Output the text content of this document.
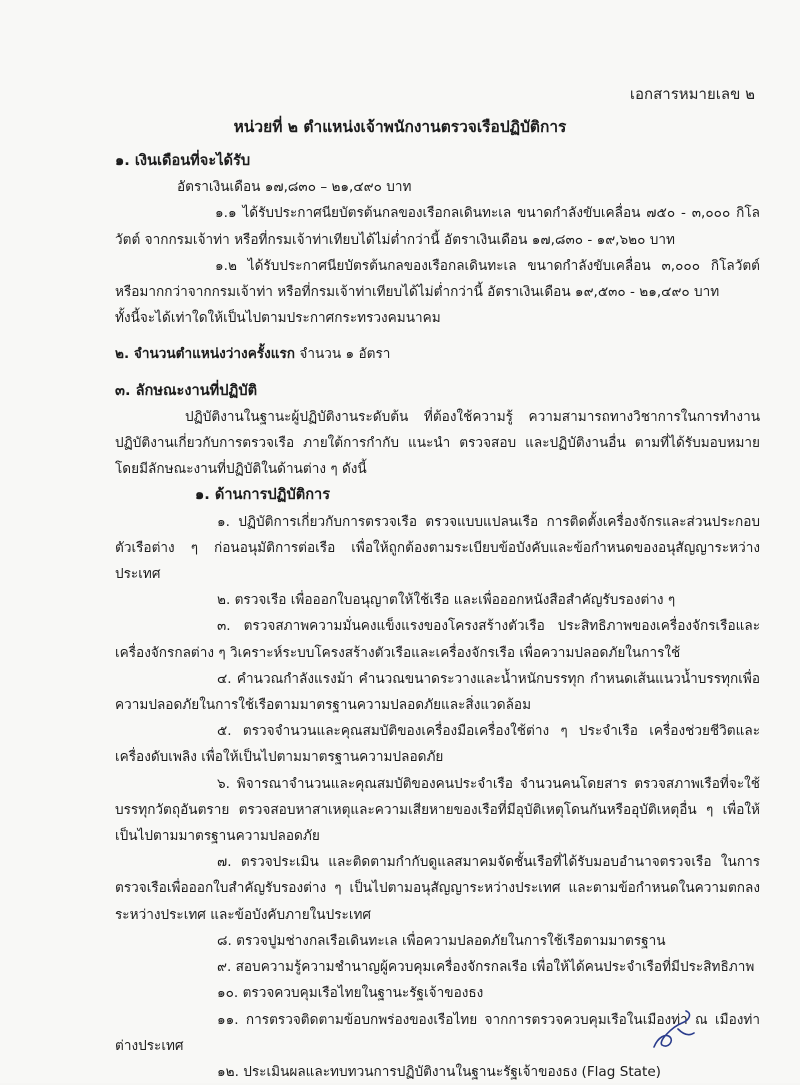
เอกสารหมายเลข ๒
หน่วยที่ ๒ ตำแหน่งเจ้าพนักงานตรวจเรือปฏิบัติการ

๑. เงินเดือนที่จะได้รับ

อัตราเงินเดือน ๑๗,๘๓๐ – ๒๑,๔๙๐ บาท

๑.๑ ได้รับประกาศนียบัตรต้นกลของเรือกลเดินทะเล ขนาดกำลังขับเคลื่อน ๗๕๐ - ๓,๐๐๐ กิโลวัตต์ จากกรมเจ้าท่า หรือที่กรมเจ้าท่าเทียบได้ไม่ต่ำกว่านี้ อัตราเงินเดือน ๑๗,๘๓๐ - ๑๙,๖๒๐ บาท

๑.๒ ได้รับประกาศนียบัตรต้นกลของเรือกลเดินทะเล ขนาดกำลังขับเคลื่อน ๓,๐๐๐ กิโลวัตต์ หรือมากกว่าจากกรมเจ้าท่า หรือที่กรมเจ้าท่าเทียบได้ไม่ต่ำกว่านี้ อัตราเงินเดือน ๑๙,๕๓๐ - ๒๑,๔๙๐ บาท

ทั้งนี้จะได้เท่าใดให้เป็นไปตามประกาศกระทรวงคมนาคม

๒. จำนวนตำแหน่งว่างครั้งแรก จำนวน ๑ อัตรา

๓. ลักษณะงานที่ปฏิบัติ

ปฏิบัติงานในฐานะผู้ปฏิบัติงานระดับต้น ที่ต้องใช้ความรู้ ความสามารถทางวิชาการในการทำงาน ปฏิบัติงานเกี่ยวกับการตรวจเรือ ภายใต้การกำกับ แนะนำ ตรวจสอบ และปฏิบัติงานอื่น ตามที่ได้รับมอบหมาย โดยมีลักษณะงานที่ปฏิบัติในด้านต่าง ๆ ดังนี้

๑. ด้านการปฏิบัติการ

๑. ปฏิบัติการเกี่ยวกับการตรวจเรือ ตรวจแบบแปลนเรือ การติดตั้งเครื่องจักรและส่วนประกอบตัวเรือต่าง ๆ ก่อนอนุมัติการต่อเรือ เพื่อให้ถูกต้องตามระเบียบข้อบังคับและข้อกำหนดของอนุสัญญาระหว่างประเทศ

๒. ตรวจเรือ เพื่อออกใบอนุญาตให้ใช้เรือ และเพื่อออกหนังสือสำคัญรับรองต่าง ๆ

๓. ตรวจสภาพความมั่นคงแข็งแรงของโครงสร้างตัวเรือ ประสิทธิภาพของเครื่องจักรเรือและเครื่องจักรกลต่าง ๆ วิเคราะห์ระบบโครงสร้างตัวเรือและเครื่องจักรเรือ เพื่อความปลอดภัยในการใช้

๔. คำนวณกำลังแรงม้า คำนวณขนาดระวางและน้ำหนักบรรทุก กำหนดเส้นแนวน้ำบรรทุกเพื่อความปลอดภัยในการใช้เรือตามมาตรฐานความปลอดภัยและสิ่งแวดล้อม

๕. ตรวจจำนวนและคุณสมบัติของเครื่องมือเครื่องใช้ต่าง ๆ ประจำเรือ เครื่องช่วยชีวิตและเครื่องดับเพลิง เพื่อให้เป็นไปตามมาตรฐานความปลอดภัย

๖. พิจารณาจำนวนและคุณสมบัติของคนประจำเรือ จำนวนคนโดยสาร ตรวจสภาพเรือที่จะใช้บรรทุกวัตถุอันตราย ตรวจสอบหาสาเหตุและความเสียหายของเรือที่มีอุบัติเหตุโดนกันหรืออุบัติเหตุอื่น ๆ เพื่อให้เป็นไปตามมาตรฐานความปลอดภัย

๗. ตรวจประเมิน และติดตามกำกับดูแลสมาคมจัดชั้นเรือที่ได้รับมอบอำนาจตรวจเรือ ในการตรวจเรือเพื่อออกใบสำคัญรับรองต่าง ๆ เป็นไปตามอนุสัญญาระหว่างประเทศ และตามข้อกำหนดในความตกลงระหว่างประเทศ และข้อบังคับภายในประเทศ

๘. ตรวจปูมช่างกลเรือเดินทะเล เพื่อความปลอดภัยในการใช้เรือตามมาตรฐาน

๙. สอบความรู้ความชำนาญผู้ควบคุมเครื่องจักรกลเรือ เพื่อให้ได้คนประจำเรือที่มีประสิทธิภาพ

๑๐. ตรวจควบคุมเรือไทยในฐานะรัฐเจ้าของธง

๑๑. การตรวจติดตามข้อบกพร่องของเรือไทย จากการตรวจควบคุมเรือในเมืองท่า ณ เมืองท่าต่างประเทศ

๑๒. ประเมินผลและทบทวนการปฏิบัติงานในฐานะรัฐเจ้าของธง (Flag State)
